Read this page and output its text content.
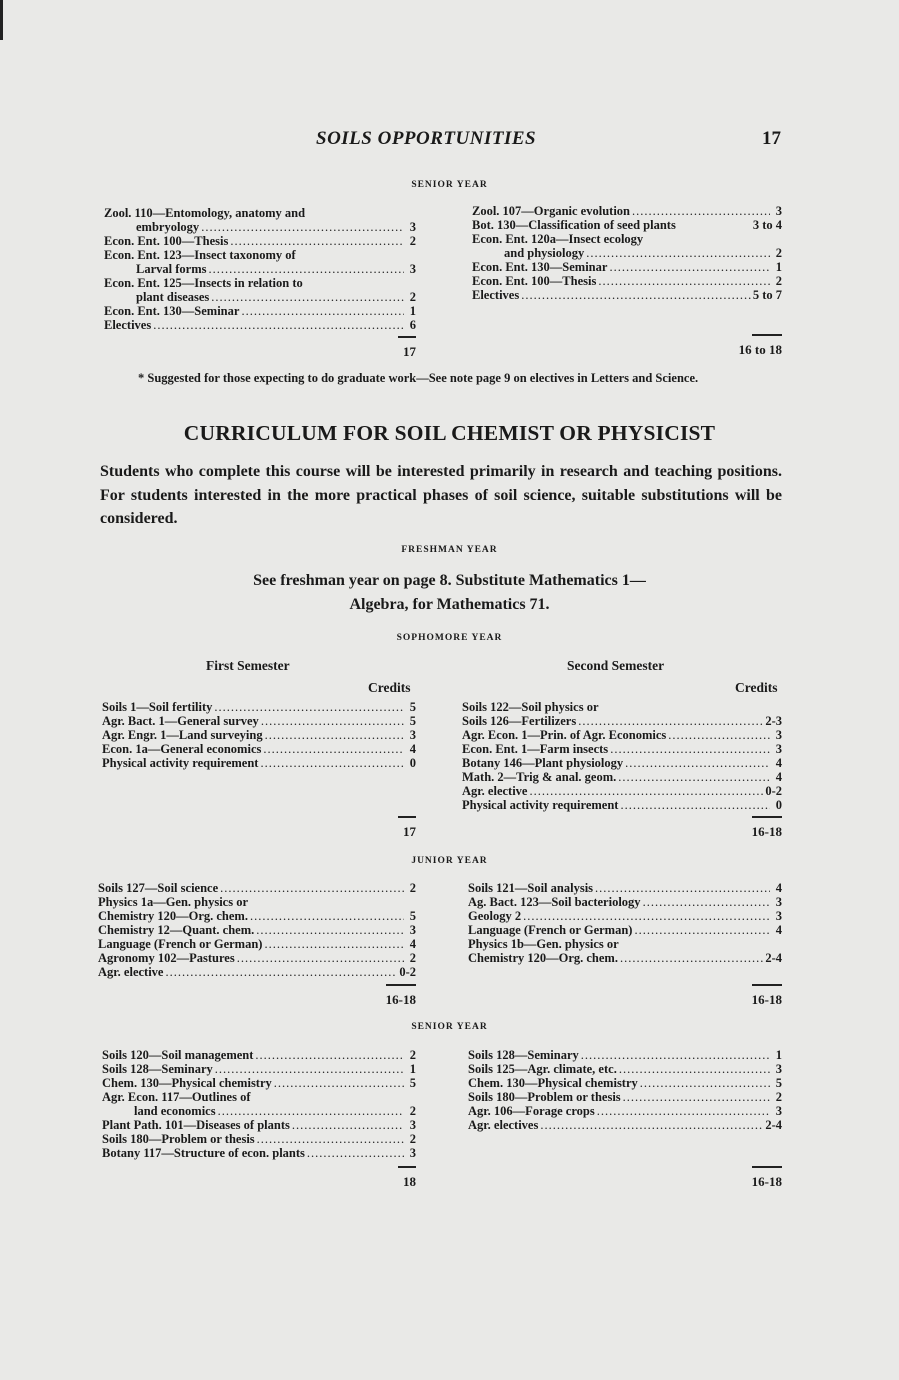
SOILS OPPORTUNITIES	17
SENIOR YEAR
Zool. 110—Entomology, anatomy and
embryology .....	3
Econ. Ent. 100—Thesis .....	2
Econ. Ent. 123—Insect taxonomy of
Larval forms .....	3
Econ. Ent. 125—Insects in relation to
plant diseases .....	2
Econ. Ent. 130—Seminar .....	1
Electives .....	6
Zool. 107—Organic evolution .....	3
Bot. 130—Classification of seed plants	3 to 4
Econ. Ent. 120a—Insect ecology
and physiology .....	2
Econ. Ent. 130—Seminar .....	1
Econ. Ent. 100—Thesis .....	2
Electives .....	5 to 7
17	16 to 18
* Suggested for those expecting to do graduate work—See note page 9 on electives in Letters and Science.
CURRICULUM FOR SOIL CHEMIST OR PHYSICIST
Students who complete this course will be interested primarily in research and teaching positions. For students interested in the more practical phases of soil science, suitable substitutions will be considered.
FRESHMAN YEAR
See freshman year on page 8. Substitute Mathematics 1—
Algebra, for Mathematics 71.
SOPHOMORE YEAR
First Semester	Second Semester
Credits	Credits
Soils 1—Soil fertility .....	5
Agr. Bact. 1—General survey .....	5
Agr. Engr. 1—Land surveying .....	3
Econ. 1a—General economics .....	4
Physical activity requirement .....	0
Soils 122—Soil physics or
Soils 126—Fertilizers .....	2-3
Agr. Econ. 1—Prin. of Agr. Economics .....	3
Econ. Ent. 1—Farm insects .....	3
Botany 146—Plant physiology .....	4
Math. 2—Trig & anal. geom. .....	4
Agr. elective .....	0-2
Physical activity requirement .....	0
17	16-18
JUNIOR YEAR
Soils 127—Soil science .....	2
Physics 1a—Gen. physics or
Chemistry 120—Org. chem. .....	5
Chemistry 12—Quant. chem. .....	3
Language (French or German) .....	4
Agronomy 102—Pastures .....	2
Agr. elective .....	0-2
Soils 121—Soil analysis .....	4
Ag. Bact. 123—Soil bacteriology .....	3
Geology 2 .....	3
Language (French or German) .....	4
Physics 1b—Gen. physics or
Chemistry 120—Org. chem. .....	2-4
16-18	16-18
SENIOR YEAR
Soils 120—Soil management .....	2
Soils 128—Seminary .....	1
Chem. 130—Physical chemistry .....	5
Agr. Econ. 117—Outlines of
land economics .....	2
Plant Path. 101—Diseases of plants .....	3
Soils 180—Problem or thesis .....	2
Botany 117—Structure of econ. plants .....	3
Soils 128—Seminary .....	1
Soils 125—Agr. climate, etc. .....	3
Chem. 130—Physical chemistry .....	5
Soils 180—Problem or thesis .....	2
Agr. 106—Forage crops .....	3
Agr. electives .....	2-4
18	16-18
